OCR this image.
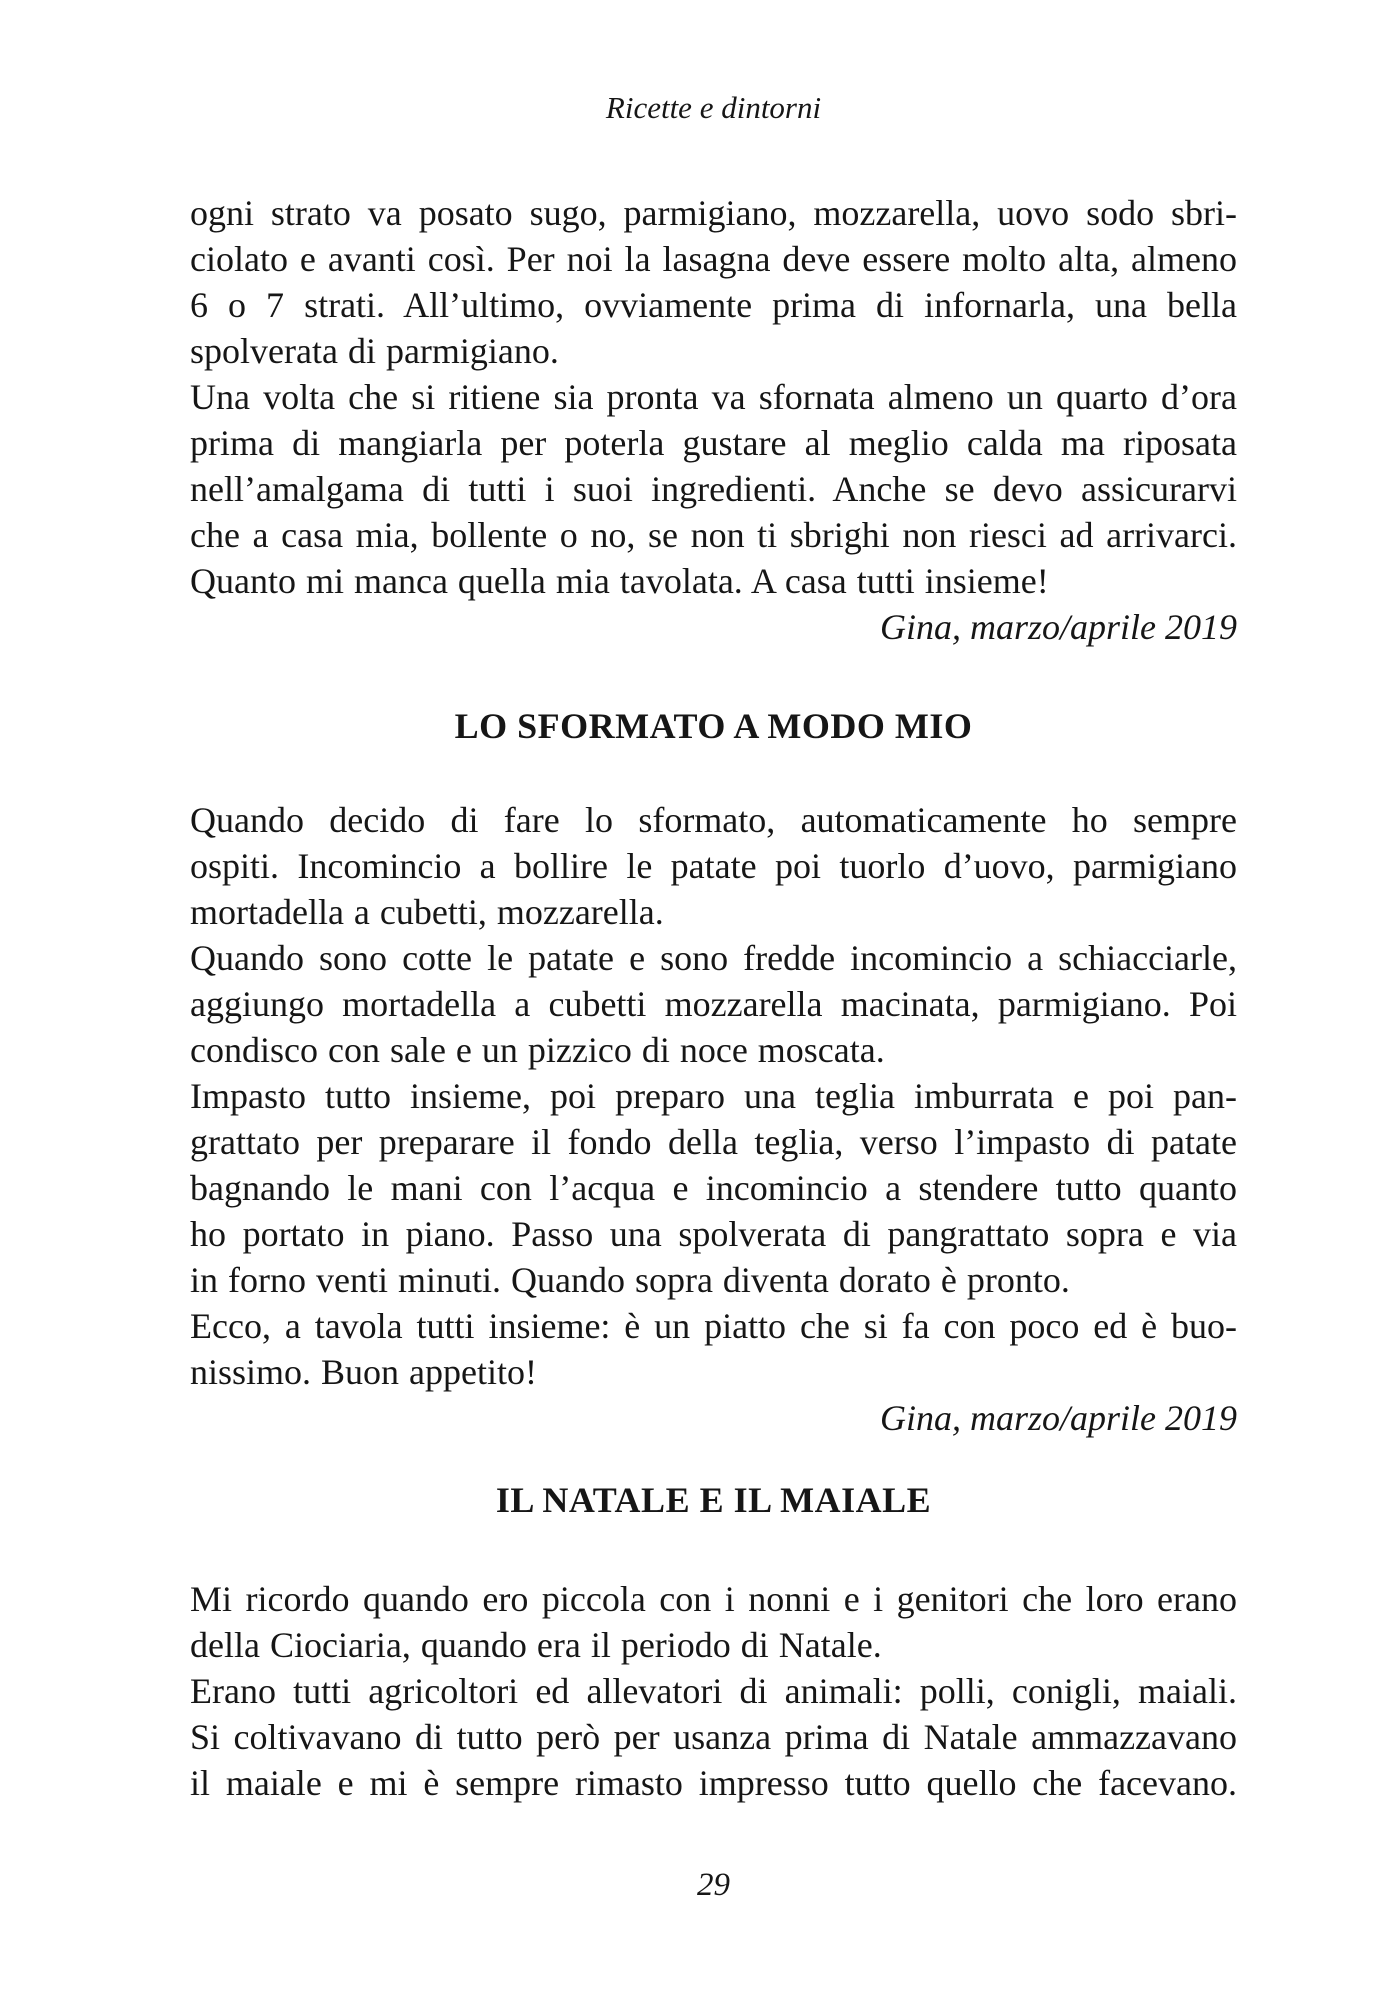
Ricette e dintorni
ogni strato va posato sugo, parmigiano, mozzarella, uovo sodo sbri-
ciolato e avanti così. Per noi la lasagna deve essere molto alta, almeno
6 o 7 strati. All’ultimo, ovviamente prima di infornarla, una bella
spolverata di parmigiano.
Una volta che si ritiene sia pronta va sfornata almeno un quarto d’ora
prima di mangiarla per poterla gustare al meglio calda ma riposata
nell’amalgama di tutti i suoi ingredienti. Anche se devo assicurarvi
che a casa mia, bollente o no, se non ti sbrighi non riesci ad arrivarci.
Quanto mi manca quella mia tavolata. A casa tutti insieme!
Gina, marzo/aprile 2019
LO SFORMATO A MODO MIO
Quando decido di fare lo sformato, automaticamente ho sempre
ospiti. Incomincio a bollire le patate poi tuorlo d’uovo, parmigiano
mortadella a cubetti, mozzarella.
Quando sono cotte le patate e sono fredde incomincio a schiacciarle,
aggiungo mortadella a cubetti mozzarella macinata, parmigiano. Poi
condisco con sale e un pizzico di noce moscata.
Impasto tutto insieme, poi preparo una teglia imburrata e poi pan-
grattato per preparare il fondo della teglia, verso l’impasto di patate
bagnando le mani con l’acqua e incomincio a stendere tutto quanto
ho portato in piano. Passo una spolverata di pangrattato sopra e via
in forno venti minuti. Quando sopra diventa dorato è pronto.
Ecco, a tavola tutti insieme: è un piatto che si fa con poco ed è buo-
nissimo. Buon appetito!
Gina, marzo/aprile 2019
IL NATALE E IL MAIALE
Mi ricordo quando ero piccola con i nonni e i genitori che loro erano
della Ciociaria, quando era il periodo di Natale.
Erano tutti agricoltori ed allevatori di animali: polli, conigli, maiali.
Si coltivavano di tutto però per usanza prima di Natale ammazzavano
il maiale e mi è sempre rimasto impresso tutto quello che facevano.
29
